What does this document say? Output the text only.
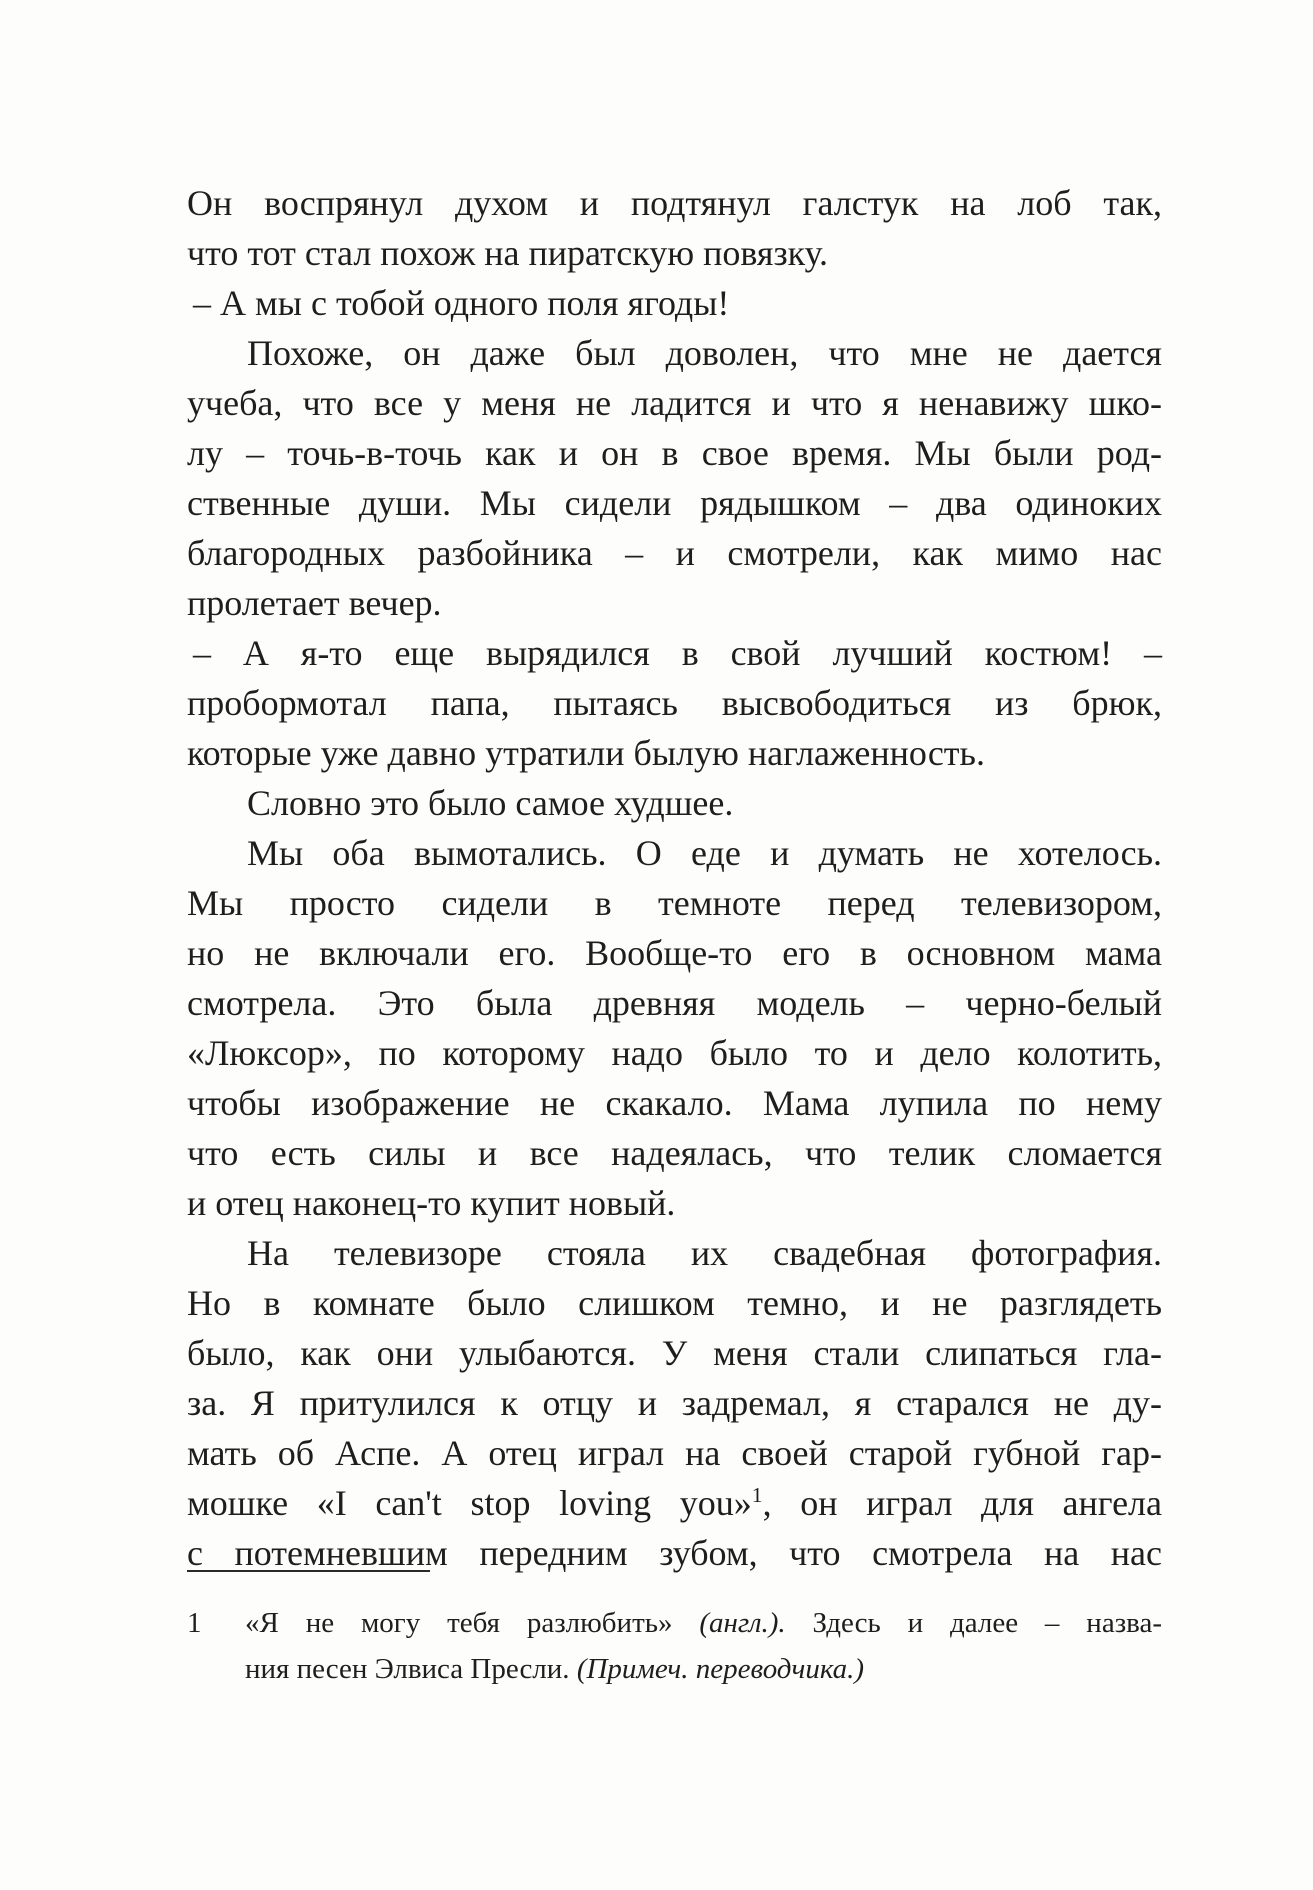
Он воспрянул духом и подтянул галстук на лоб так,
что тот стал похож на пиратскую повязку.
– А мы с тобой одного поля ягоды!
Похоже, он даже был доволен, что мне не дается
учеба, что все у меня не ладится и что я ненавижу шко-
лу – точь-в-точь как и он в свое время. Мы были род-
ственные души. Мы сидели рядышком – два одиноких
благородных разбойника – и смотрели, как мимо нас
пролетает вечер.
– А я-то еще вырядился в свой лучший костюм! –
пробормотал папа, пытаясь высвободиться из брюк,
которые уже давно утратили былую наглаженность.
Словно это было самое худшее.
Мы оба вымотались. О еде и думать не хотелось.
Мы просто сидели в темноте перед телевизором,
но не включали его. Вообще-то его в основном мама
смотрела. Это была древняя модель – черно-белый
«Люксор», по которому надо было то и дело колотить,
чтобы изображение не скакало. Мама лупила по нему
что есть силы и все надеялась, что телик сломается
и отец наконец-то купит новый.
На телевизоре стояла их свадебная фотография.
Но в комнате было слишком темно, и не разглядеть
было, как они улыбаются. У меня стали слипаться гла-
за. Я притулился к отцу и задремал, я старался не ду-
мать об Аспе. А отец играл на своей старой губной гар-
мошке «I can't stop loving you»$^1$, он играл для ангела
с потемневшим передним зубом, что смотрела на нас
1 «Я не могу тебя разлюбить» (англ.). Здесь и далее – назва-
ния песен Элвиса Пресли. (Примеч. переводчика.)
